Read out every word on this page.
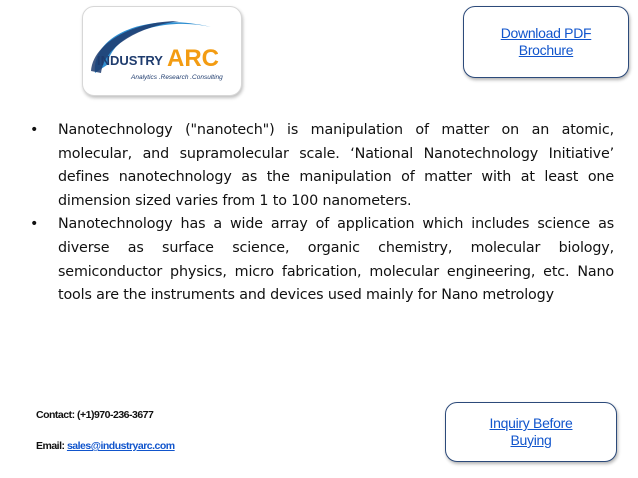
INDUSTRY ARC
Analytics .Research .Consulting
Download PDF Brochure
• Nanotechnology ("nanotech") is manipulation of matter on an atomic, molecular, and supramolecular scale. ‘National Nanotechnology Initiative’ defines nanotechnology as the manipulation of matter with at least one dimension sized varies from 1 to 100 nanometers.
• Nanotechnology has a wide array of application which includes science as diverse as surface science, organic chemistry, molecular biology, semiconductor physics, micro fabrication, molecular engineering, etc. Nano tools are the instruments and devices used mainly for Nano metrology
Contact: (+1)970-236-3677
Email: sales@industryarc.com
Inquiry Before Buying
